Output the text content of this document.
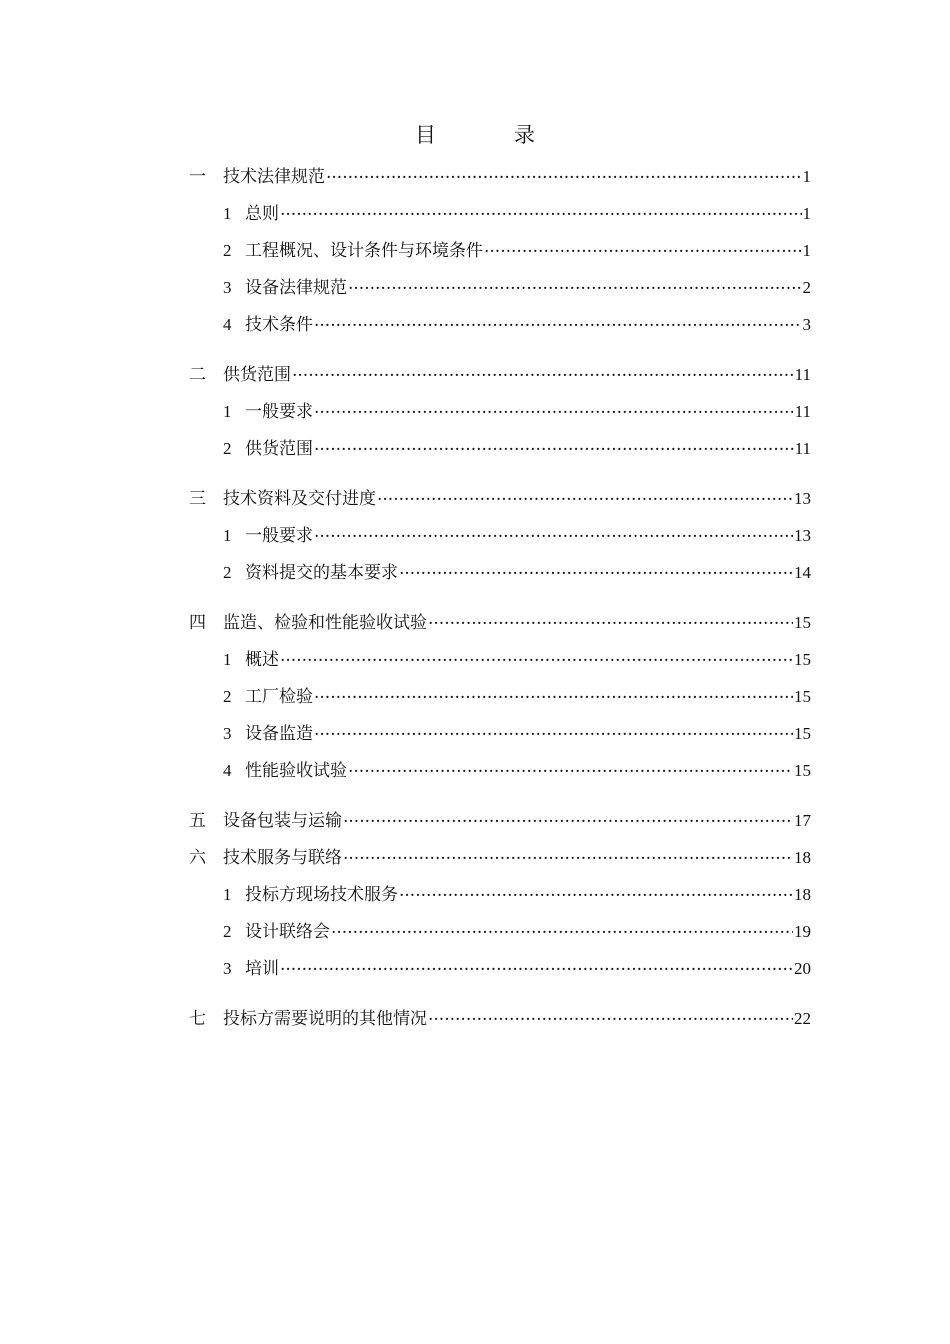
目	录
一	技术法律规范 .....	1
1 总则 .....	1
2 工程概况、设计条件与环境条件 .....	1
3 设备法律规范 .....	2
4 技术条件 .....	3
二	供货范围 .....	11
1 一般要求 .....	11
2 供货范围 .....	11
三	技术资料及交付进度 .....	13
1 一般要求 .....	13
2 资料提交的基本要求 .....	14
四	监造、检验和性能验收试验 .....	15
1 概述 .....	15
2 工厂检验 .....	15
3 设备监造 .....	15
4 性能验收试验 .....	15
五	设备包装与运输 .....	17
六	技术服务与联络 .....	18
1 投标方现场技术服务 .....	18
2 设计联络会 .....	19
3 培训 .....	20
七	投标方需要说明的其他情况 .....	22
